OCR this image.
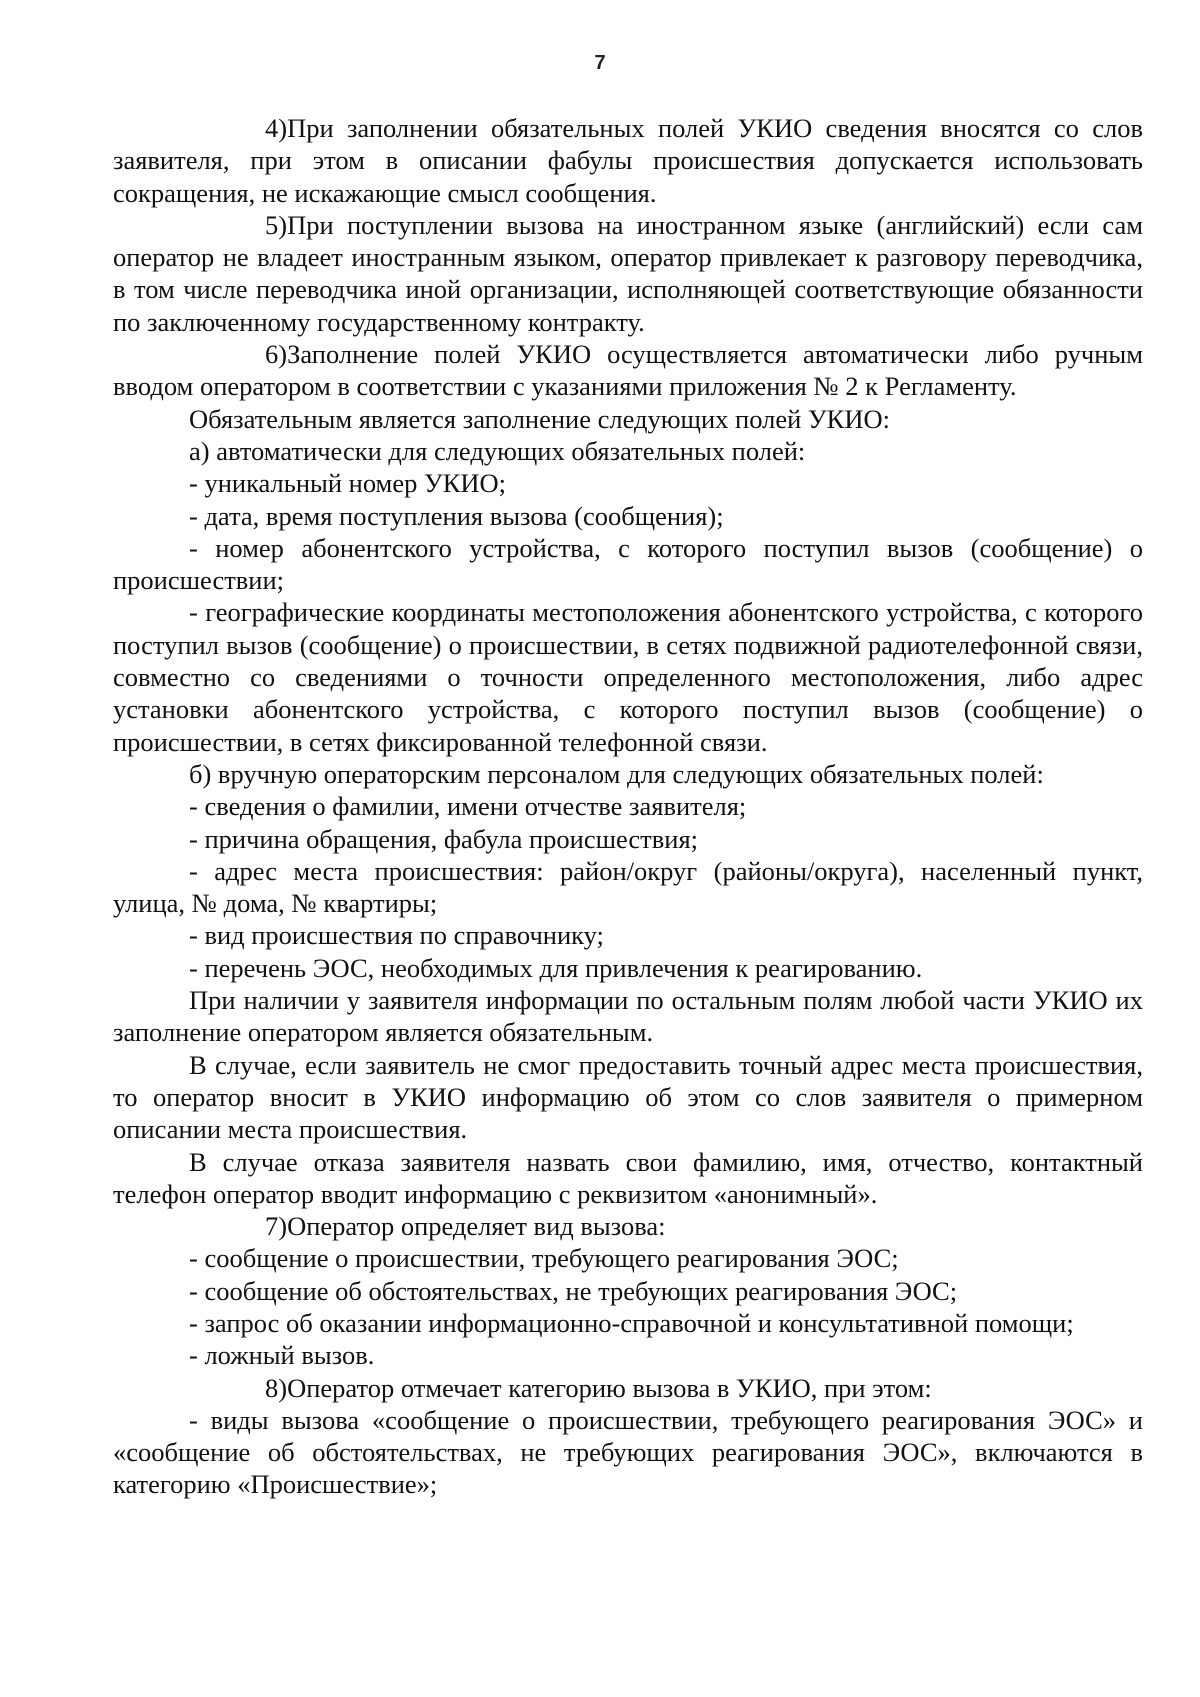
7

4)При заполнении обязательных полей УКИО сведения вносятся со слов заявителя, при этом в описании фабулы происшествия допускается использовать сокращения, не искажающие смысл сообщения.

5)При поступлении вызова на иностранном языке (английский) если сам оператор не владеет иностранным языком, оператор привлекает к разговору переводчика, в том числе переводчика иной организации, исполняющей соответствующие обязанности по заключенному государственному контракту.

6)Заполнение полей УКИО осуществляется автоматически либо ручным вводом оператором в соответствии с указаниями приложения № 2 к Регламенту.

Обязательным является заполнение следующих полей УКИО:

а) автоматически для следующих обязательных полей:

- уникальный номер УКИО;

- дата, время поступления вызова (сообщения);

- номер абонентского устройства, с которого поступил вызов (сообщение) о происшествии;

- географические координаты местоположения абонентского устройства, с которого поступил вызов (сообщение) о происшествии, в сетях подвижной радиотелефонной связи, совместно со сведениями о точности определенного местоположения, либо адрес установки абонентского устройства, с которого поступил вызов (сообщение) о происшествии, в сетях фиксированной телефонной связи.

б) вручную операторским персоналом для следующих обязательных полей:

- сведения о фамилии, имени отчестве заявителя;

- причина обращения, фабула происшествия;

- адрес места происшествия: район/округ (районы/округа), населенный пункт, улица, № дома, № квартиры;

- вид происшествия по справочнику;

- перечень ЭОС, необходимых для привлечения к реагированию.

При наличии у заявителя информации по остальным полям любой части УКИО их заполнение оператором является обязательным.

В случае, если заявитель не смог предоставить точный адрес места происшествия, то оператор вносит в УКИО информацию об этом со слов заявителя о примерном описании места происшествия.

В случае отказа заявителя назвать свои фамилию, имя, отчество, контактный телефон оператор вводит информацию с реквизитом «анонимный».

7)Оператор определяет вид вызова:

- сообщение о происшествии, требующего реагирования ЭОС;

- сообщение об обстоятельствах, не требующих реагирования ЭОС;

- запрос об оказании информационно-справочной и консультативной помощи;

- ложный вызов.

8)Оператор отмечает категорию вызова в УКИО, при этом:

- виды вызова «сообщение о происшествии, требующего реагирования ЭОС» и «сообщение об обстоятельствах, не требующих реагирования ЭОС», включаются в категорию «Происшествие»;
